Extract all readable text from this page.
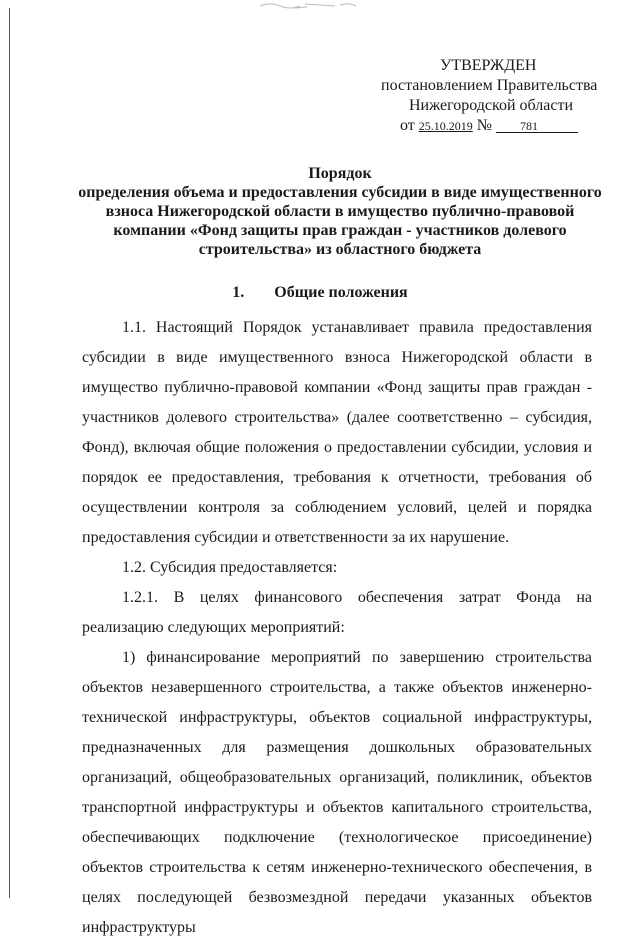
УТВЕРЖДЕН
постановлением Правительства
Нижегородской области
от 25.10.2019 № 781
Порядок
определения объема и предоставления субсидии в виде имущественного взноса Нижегородской области в имущество публично-правовой компании «Фонд защиты прав граждан - участников долевого строительства» из областного бюджета
1. Общие положения

1.1. Настоящий Порядок устанавливает правила предоставления субсидии в виде имущественного взноса Нижегородской области в имущество публично-правовой компании «Фонд защиты прав граждан - участников долевого строительства» (далее соответственно – субсидия, Фонд), включая общие положения о предоставлении субсидии, условия и порядок ее предоставления, требования к отчетности, требования об осуществлении контроля за соблюдением условий, целей и порядка предоставления субсидии и ответственности за их нарушение.

1.2. Субсидия предоставляется:

1.2.1. В целях финансового обеспечения затрат Фонда на реализацию следующих мероприятий:

1) финансирование мероприятий по завершению строительства объектов незавершенного строительства, а также объектов инженерно-технической инфраструктуры, объектов социальной инфраструктуры, предназначенных для размещения дошкольных образовательных организаций, общеобразовательных организаций, поликлиник, объектов транспортной инфраструктуры и объектов капитального строительства, обеспечивающих подключение (технологическое присоединение) объектов строительства к сетям инженерно-технического обеспечения, в целях последующей безвозмездной передачи указанных объектов инфраструктуры
